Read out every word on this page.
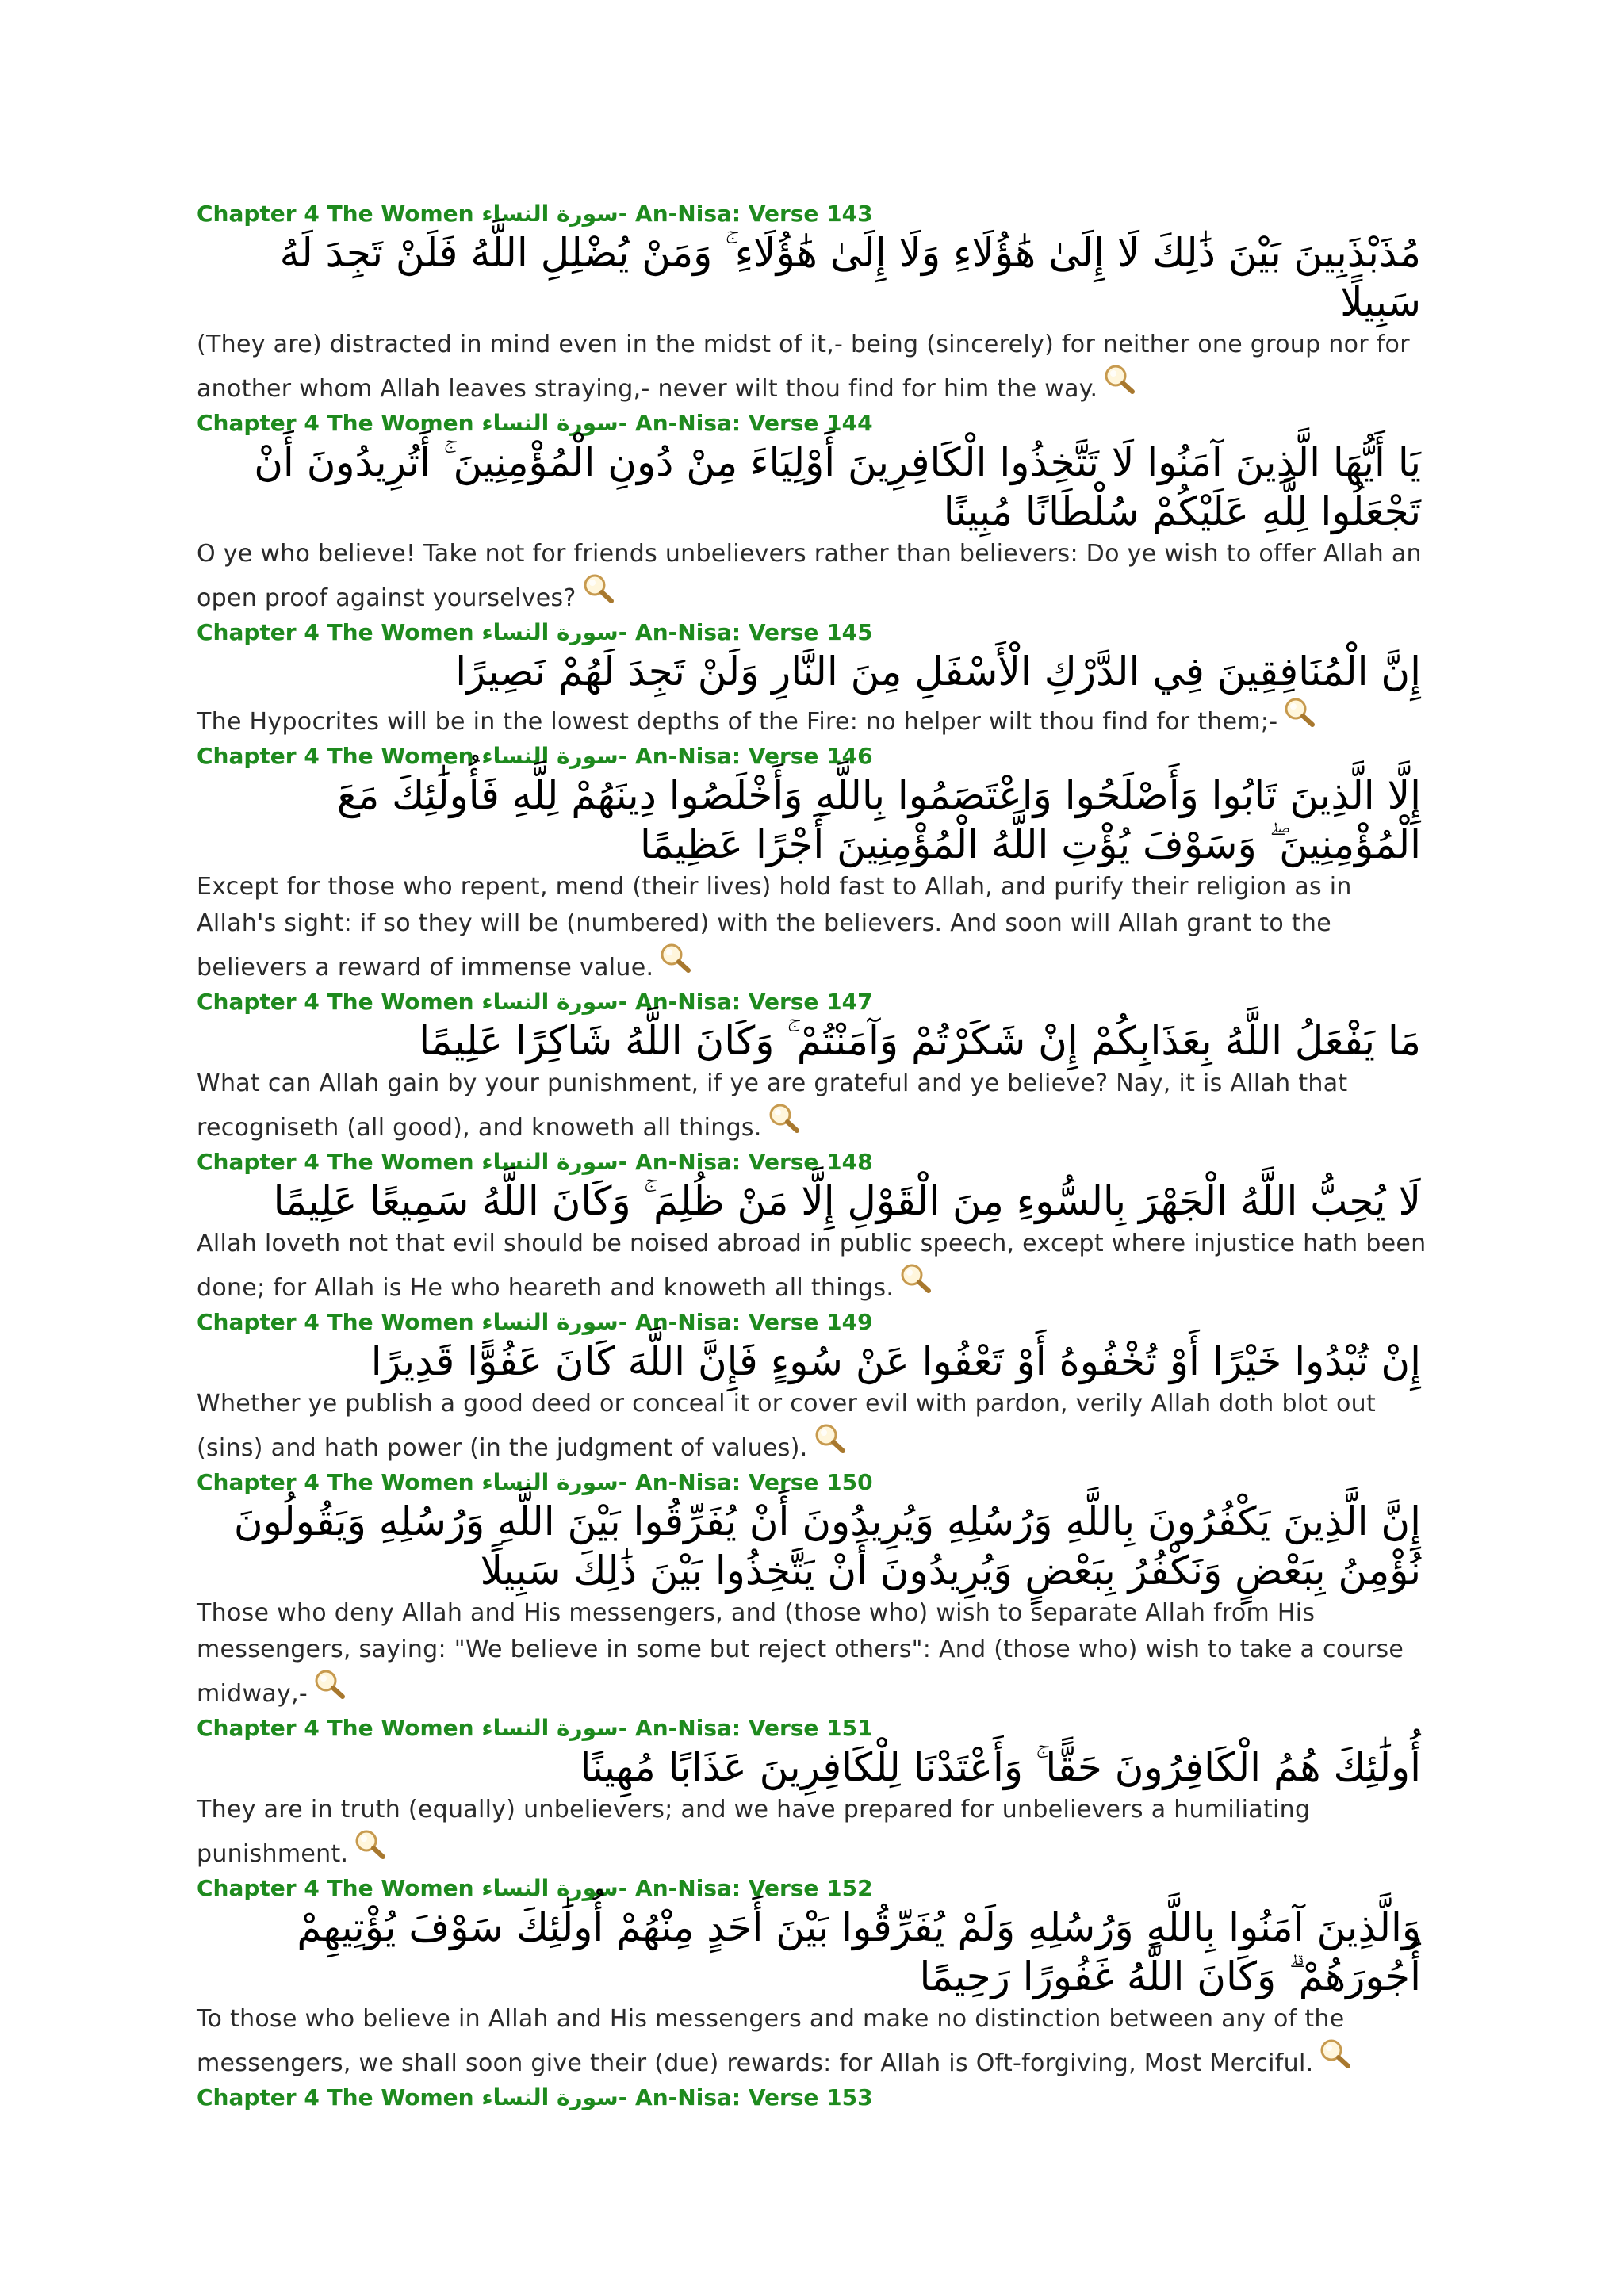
Chapter 4 The Women سورة النساء- An-Nisa: Verse 143
مُذَبْذَبِينَ بَيْنَ ذَٰلِكَ لَا إِلَىٰ هَٰؤُلَاءِ وَلَا إِلَىٰ هَٰؤُلَاءِ ۚ وَمَنْ يُضْلِلِ اللَّهُ فَلَنْ تَجِدَ لَهُ سَبِيلًا
(They are) distracted in mind even in the midst of it,- being (sincerely) for neither one group nor for another whom Allah leaves straying,- never wilt thou find for him the way.
Chapter 4 The Women سورة النساء- An-Nisa: Verse 144
يَا أَيُّهَا الَّذِينَ آمَنُوا لَا تَتَّخِذُوا الْكَافِرِينَ أَوْلِيَاءَ مِنْ دُونِ الْمُؤْمِنِينَ ۚ أَتُرِيدُونَ أَنْ تَجْعَلُوا لِلَّهِ عَلَيْكُمْ سُلْطَانًا مُبِينًا
O ye who believe! Take not for friends unbelievers rather than believers: Do ye wish to offer Allah an open proof against yourselves?
Chapter 4 The Women سورة النساء- An-Nisa: Verse 145
إِنَّ الْمُنَافِقِينَ فِي الدَّرْكِ الْأَسْفَلِ مِنَ النَّارِ وَلَنْ تَجِدَ لَهُمْ نَصِيرًا
The Hypocrites will be in the lowest depths of the Fire: no helper wilt thou find for them;-
Chapter 4 The Women سورة النساء- An-Nisa: Verse 146
إِلَّا الَّذِينَ تَابُوا وَأَصْلَحُوا وَاعْتَصَمُوا بِاللَّهِ وَأَخْلَصُوا دِينَهُمْ لِلَّهِ فَأُولَٰئِكَ مَعَ الْمُؤْمِنِينَ ۖ وَسَوْفَ يُؤْتِ اللَّهُ الْمُؤْمِنِينَ أَجْرًا عَظِيمًا
Except for those who repent, mend (their lives) hold fast to Allah, and purify their religion as in Allah's sight: if so they will be (numbered) with the believers. And soon will Allah grant to the believers a reward of immense value.
Chapter 4 The Women سورة النساء- An-Nisa: Verse 147
مَا يَفْعَلُ اللَّهُ بِعَذَابِكُمْ إِنْ شَكَرْتُمْ وَآمَنْتُمْ ۚ وَكَانَ اللَّهُ شَاكِرًا عَلِيمًا
What can Allah gain by your punishment, if ye are grateful and ye believe? Nay, it is Allah that recogniseth (all good), and knoweth all things.
Chapter 4 The Women سورة النساء- An-Nisa: Verse 148
لَا يُحِبُّ اللَّهُ الْجَهْرَ بِالسُّوءِ مِنَ الْقَوْلِ إِلَّا مَنْ ظُلِمَ ۚ وَكَانَ اللَّهُ سَمِيعًا عَلِيمًا
Allah loveth not that evil should be noised abroad in public speech, except where injustice hath been done; for Allah is He who heareth and knoweth all things.
Chapter 4 The Women سورة النساء- An-Nisa: Verse 149
إِنْ تُبْدُوا خَيْرًا أَوْ تُخْفُوهُ أَوْ تَعْفُوا عَنْ سُوءٍ فَإِنَّ اللَّهَ كَانَ عَفُوًّا قَدِيرًا
Whether ye publish a good deed or conceal it or cover evil with pardon, verily Allah doth blot out (sins) and hath power (in the judgment of values).
Chapter 4 The Women سورة النساء- An-Nisa: Verse 150
إِنَّ الَّذِينَ يَكْفُرُونَ بِاللَّهِ وَرُسُلِهِ وَيُرِيدُونَ أَنْ يُفَرِّقُوا بَيْنَ اللَّهِ وَرُسُلِهِ وَيَقُولُونَ نُؤْمِنُ بِبَعْضٍ وَنَكْفُرُ بِبَعْضٍ وَيُرِيدُونَ أَنْ يَتَّخِذُوا بَيْنَ ذَٰلِكَ سَبِيلًا
Those who deny Allah and His messengers, and (those who) wish to separate Allah from His messengers, saying: "We believe in some but reject others": And (those who) wish to take a course midway,-
Chapter 4 The Women سورة النساء- An-Nisa: Verse 151
أُولَٰئِكَ هُمُ الْكَافِرُونَ حَقًّا ۚ وَأَعْتَدْنَا لِلْكَافِرِينَ عَذَابًا مُهِينًا
They are in truth (equally) unbelievers; and we have prepared for unbelievers a humiliating punishment.
Chapter 4 The Women سورة النساء- An-Nisa: Verse 152
وَالَّذِينَ آمَنُوا بِاللَّهِ وَرُسُلِهِ وَلَمْ يُفَرِّقُوا بَيْنَ أَحَدٍ مِنْهُمْ أُولَٰئِكَ سَوْفَ يُؤْتِيهِمْ أُجُورَهُمْ ۗ وَكَانَ اللَّهُ غَفُورًا رَحِيمًا
To those who believe in Allah and His messengers and make no distinction between any of the messengers, we shall soon give their (due) rewards: for Allah is Oft-forgiving, Most Merciful.
Chapter 4 The Women سورة النساء- An-Nisa: Verse 153
